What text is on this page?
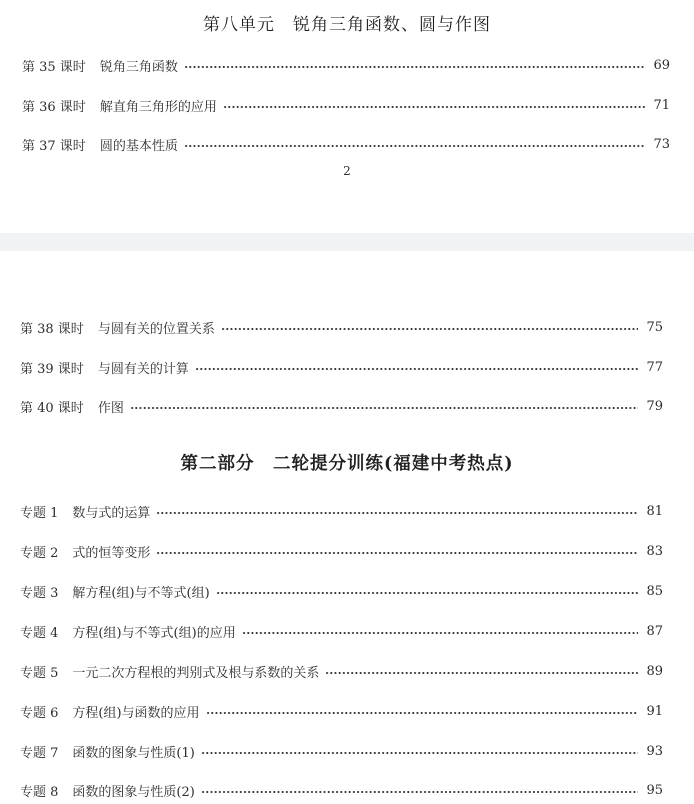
第八单元　锐角三角函数、圆与作图
第 35 课时 锐角三角函数	69
第 36 课时 解直角三角形的应用	71
第 37 课时 圆的基本性质	73
2
第 38 课时 与圆有关的位置关系	75
第 39 课时 与圆有关的计算	77
第 40 课时 作图	79
第二部分　二轮提分训练(福建中考热点)
专题 1 数与式的运算	81
专题 2 式的恒等变形	83
专题 3 解方程(组)与不等式(组)	85
专题 4 方程(组)与不等式(组)的应用	87
专题 5 一元二次方程根的判别式及根与系数的关系	89
专题 6 方程(组)与函数的应用	91
专题 7 函数的图象与性质(1)	93
专题 8 函数的图象与性质(2)	95
